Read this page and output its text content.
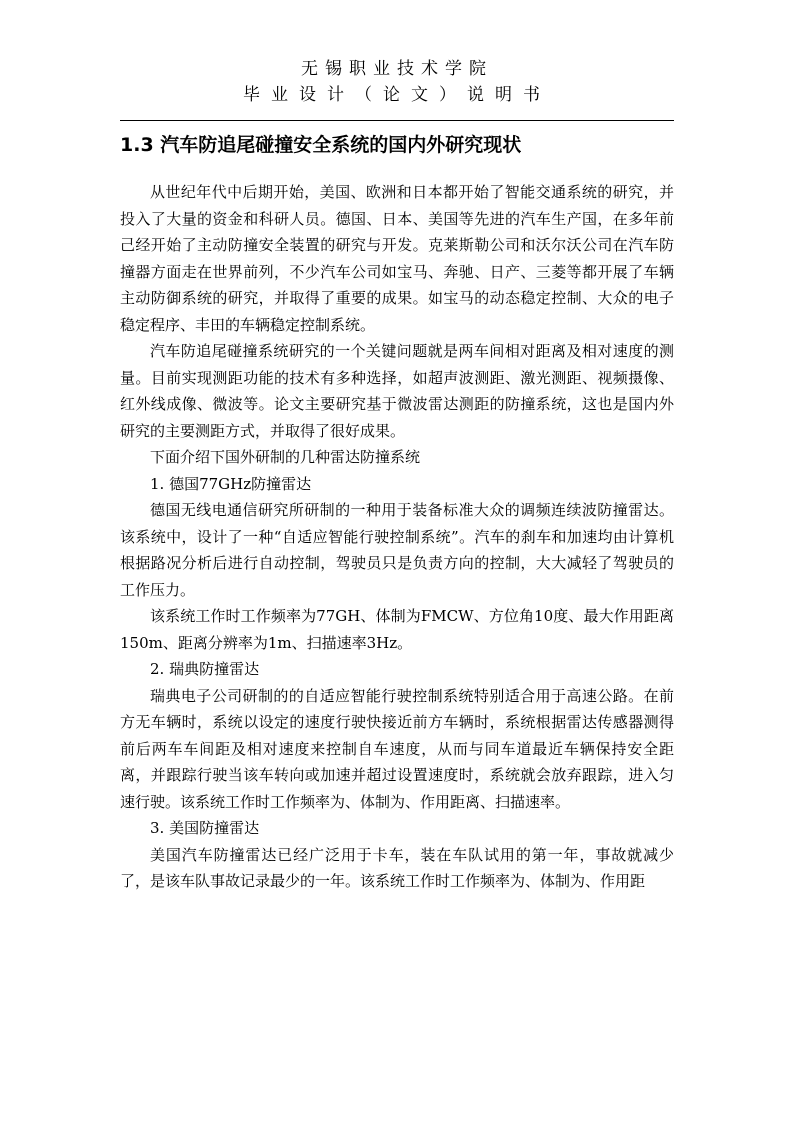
无锡职业技术学院
毕业设计（论文）说明书
1.3 汽车防追尾碰撞安全系统的国内外研究现状

从世纪年代中后期开始，美国、欧洲和日本都开始了智能交通系统的研究，并投入了大量的资金和科研人员。德国、日本、美国等先进的汽车生产国，在多年前己经开始了主动防撞安全装置的研究与开发。克莱斯勒公司和沃尔沃公司在汽车防撞器方面走在世界前列，不少汽车公司如宝马、奔驰、日产、三菱等都开展了车辆主动防御系统的研究，并取得了重要的成果。如宝马的动态稳定控制、大众的电子稳定程序、丰田的车辆稳定控制系统。

汽车防追尾碰撞系统研究的一个关键问题就是两车间相对距离及相对速度的测量。目前实现测距功能的技术有多种选择，如超声波测距、激光测距、视频摄像、红外线成像、微波等。论文主要研究基于微波雷达测距的防撞系统，这也是国内外研究的主要测距方式，并取得了很好成果。

下面介绍下国外研制的几种雷达防撞系统

1. 德国77GHz防撞雷达

德国无线电通信研究所研制的一种用于装备标准大众的调频连续波防撞雷达。该系统中，设计了一种“自适应智能行驶控制系统”。汽车的刹车和加速均由计算机根据路况分析后进行自动控制，驾驶员只是负责方向的控制，大大减轻了驾驶员的工作压力。

该系统工作时工作频率为77GH、体制为FMCW、方位角10度、最大作用距离150m、距离分辨率为1m、扫描速率3Hz。

2. 瑞典防撞雷达

瑞典电子公司研制的的自适应智能行驶控制系统特别适合用于高速公路。在前方无车辆时，系统以设定的速度行驶快接近前方车辆时，系统根据雷达传感器测得前后两车车间距及相对速度来控制自车速度，从而与同车道最近车辆保持安全距离，并跟踪行驶当该车转向或加速并超过设置速度时，系统就会放弃跟踪，进入匀速行驶。该系统工作时工作频率为、体制为、作用距离、扫描速率。

3. 美国防撞雷达

美国汽车防撞雷达已经广泛用于卡车，装在车队试用的第一年，事故就减少了，是该车队事故记录最少的一年。该系统工作时工作频率为、体制为、作用距
